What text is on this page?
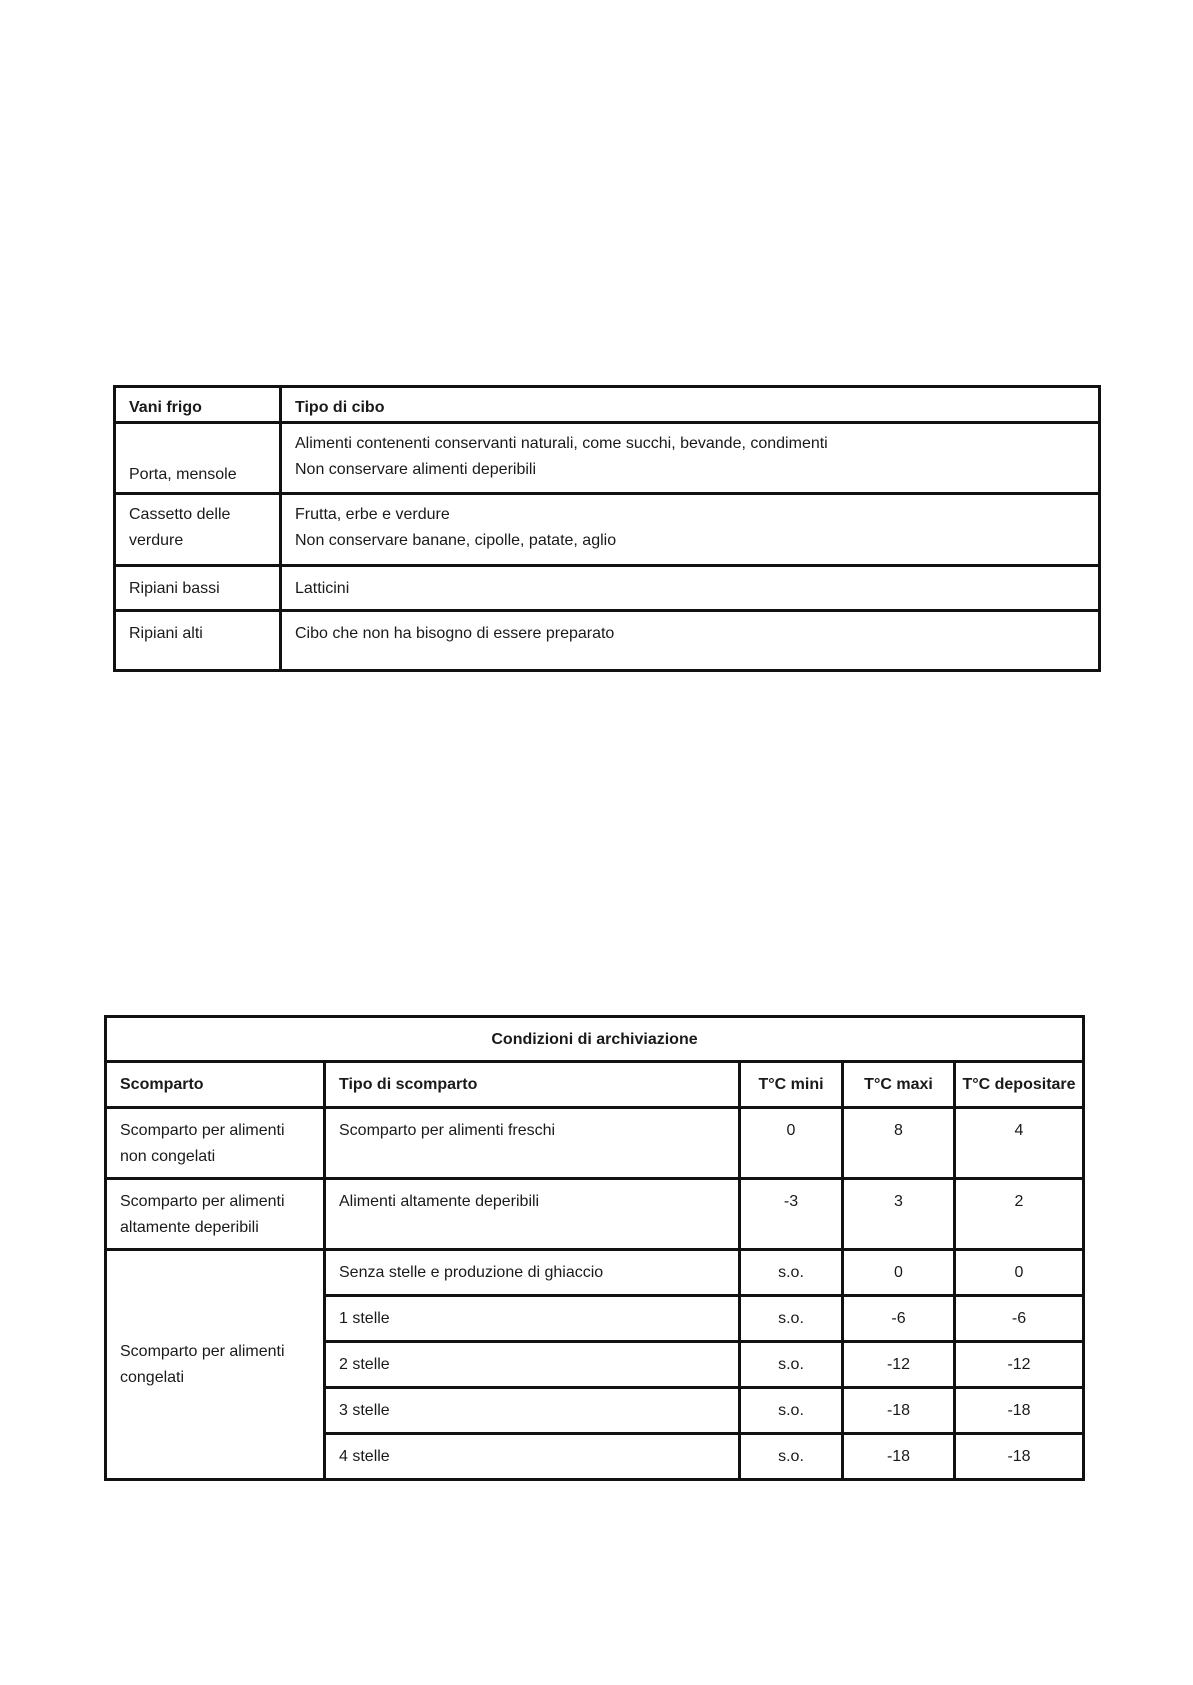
Vani frigo	Tipo di cibo
Porta, mensole	Alimenti contenenti conservanti naturali, come succhi, bevande, condimenti
Non conservare alimenti deperibili

Cassetto delle verdure	Frutta, erbe e verdure
Non conservare banane, cipolle, patate, aglio

Ripiani bassi	Latticini
Ripiani alti	Cibo che non ha bisogno di essere preparato
Condizioni di archiviazione				
Scomparto	Tipo di scomparto	T°C mini	T°C maxi	T°C depositare
Scomparto per alimenti non congelati	Scomparto per alimenti freschi	0	8	4
Scomparto per alimenti altamente deperibili	Alimenti altamente deperibili	-3	3	2
Scomparto per alimenti congelati	Senza stelle e produzione di ghiaccio	s.o.	0	0
	1 stelle	s.o.	-6	-6
	2 stelle	s.o.	-12	-12
	3 stelle	s.o.	-18	-18
	4 stelle	s.o.	-18	-18
